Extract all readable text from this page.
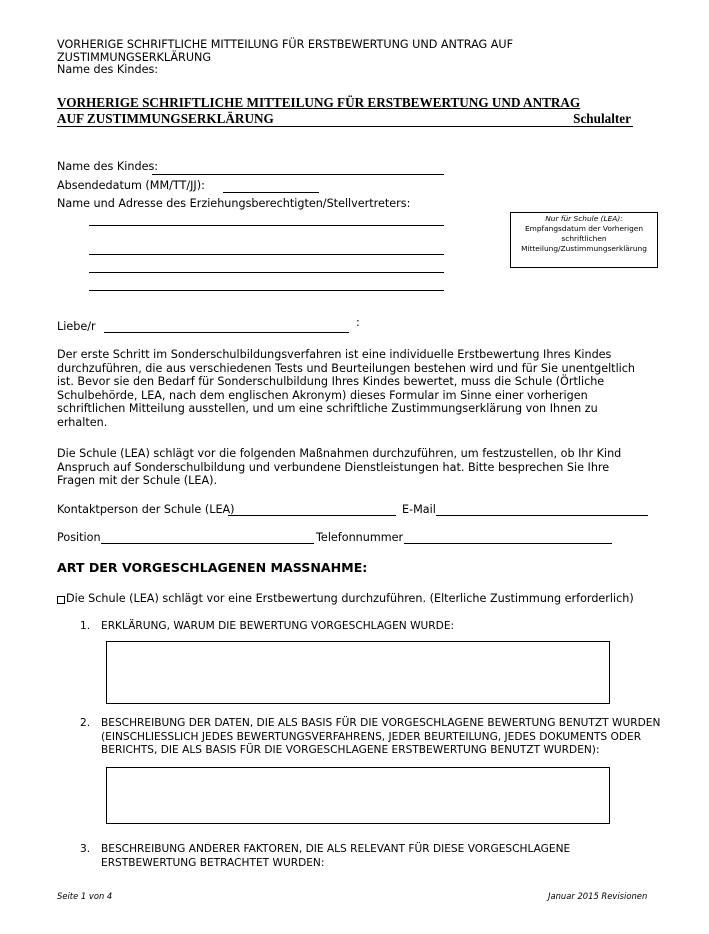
VORHERIGE SCHRIFTLICHE MITTEILUNG FÜR ERSTBEWERTUNG UND ANTRAG AUF
ZUSTIMMUNGSERKLÄRUNG
Name des Kindes:
VORHERIGE SCHRIFTLICHE MITTEILUNG FÜR ERSTBEWERTUNG UND ANTRAG
AUF ZUSTIMMUNGSERKLÄRUNG	Schulalter
Name des Kindes:
Absendedatum (MM/TT/JJ):
Name und Adresse des Erziehungsberechtigten/Stellvertreters:
Nur für Schule (LEA):
Empfangsdatum der Vorherigen
schriftlichen
Mitteilung/Zustimmungserklärung
Liebe/r	:
Der erste Schritt im Sonderschulbildungsverfahren ist eine individuelle Erstbewertung Ihres Kindes
durchzuführen, die aus verschiedenen Tests und Beurteilungen bestehen wird und für Sie unentgeltlich
ist. Bevor sie den Bedarf für Sonderschulbildung Ihres Kindes bewertet, muss die Schule (Örtliche
Schulbehörde, LEA, nach dem englischen Akronym) dieses Formular im Sinne einer vorherigen
schriftlichen Mitteilung ausstellen, und um eine schriftliche Zustimmungserklärung von Ihnen zu
erhalten.
Die Schule (LEA) schlägt vor die folgenden Maßnahmen durchzuführen, um festzustellen, ob Ihr Kind
Anspruch auf Sonderschulbildung und verbundene Dienstleistungen hat. Bitte besprechen Sie Ihre
Fragen mit der Schule (LEA).
Kontaktperson der Schule (LEA)	E-Mail
Position	Telefonnummer
ART DER VORGESCHLAGENEN MASSNAHME:
Die Schule (LEA) schlägt vor eine Erstbewertung durchzuführen. (Elterliche Zustimmung erforderlich)
1. ERKLÄRUNG, WARUM DIE BEWERTUNG VORGESCHLAGEN WURDE:
2. BESCHREIBUNG DER DATEN, DIE ALS BASIS FÜR DIE VORGESCHLAGENE BEWERTUNG BENUTZT WURDEN
(EINSCHLIESSLICH JEDES BEWERTUNGSVERFAHRENS, JEDER BEURTEILUNG, JEDES DOKUMENTS ODER
BERICHTS, DIE ALS BASIS FÜR DIE VORGESCHLAGENE ERSTBEWERTUNG BENUTZT WURDEN):
3. BESCHREIBUNG ANDERER FAKTOREN, DIE ALS RELEVANT FÜR DIESE VORGESCHLAGENE
ERSTBEWERTUNG BETRACHTET WURDEN:
Seite 1 von 4	Januar 2015 Revisionen
